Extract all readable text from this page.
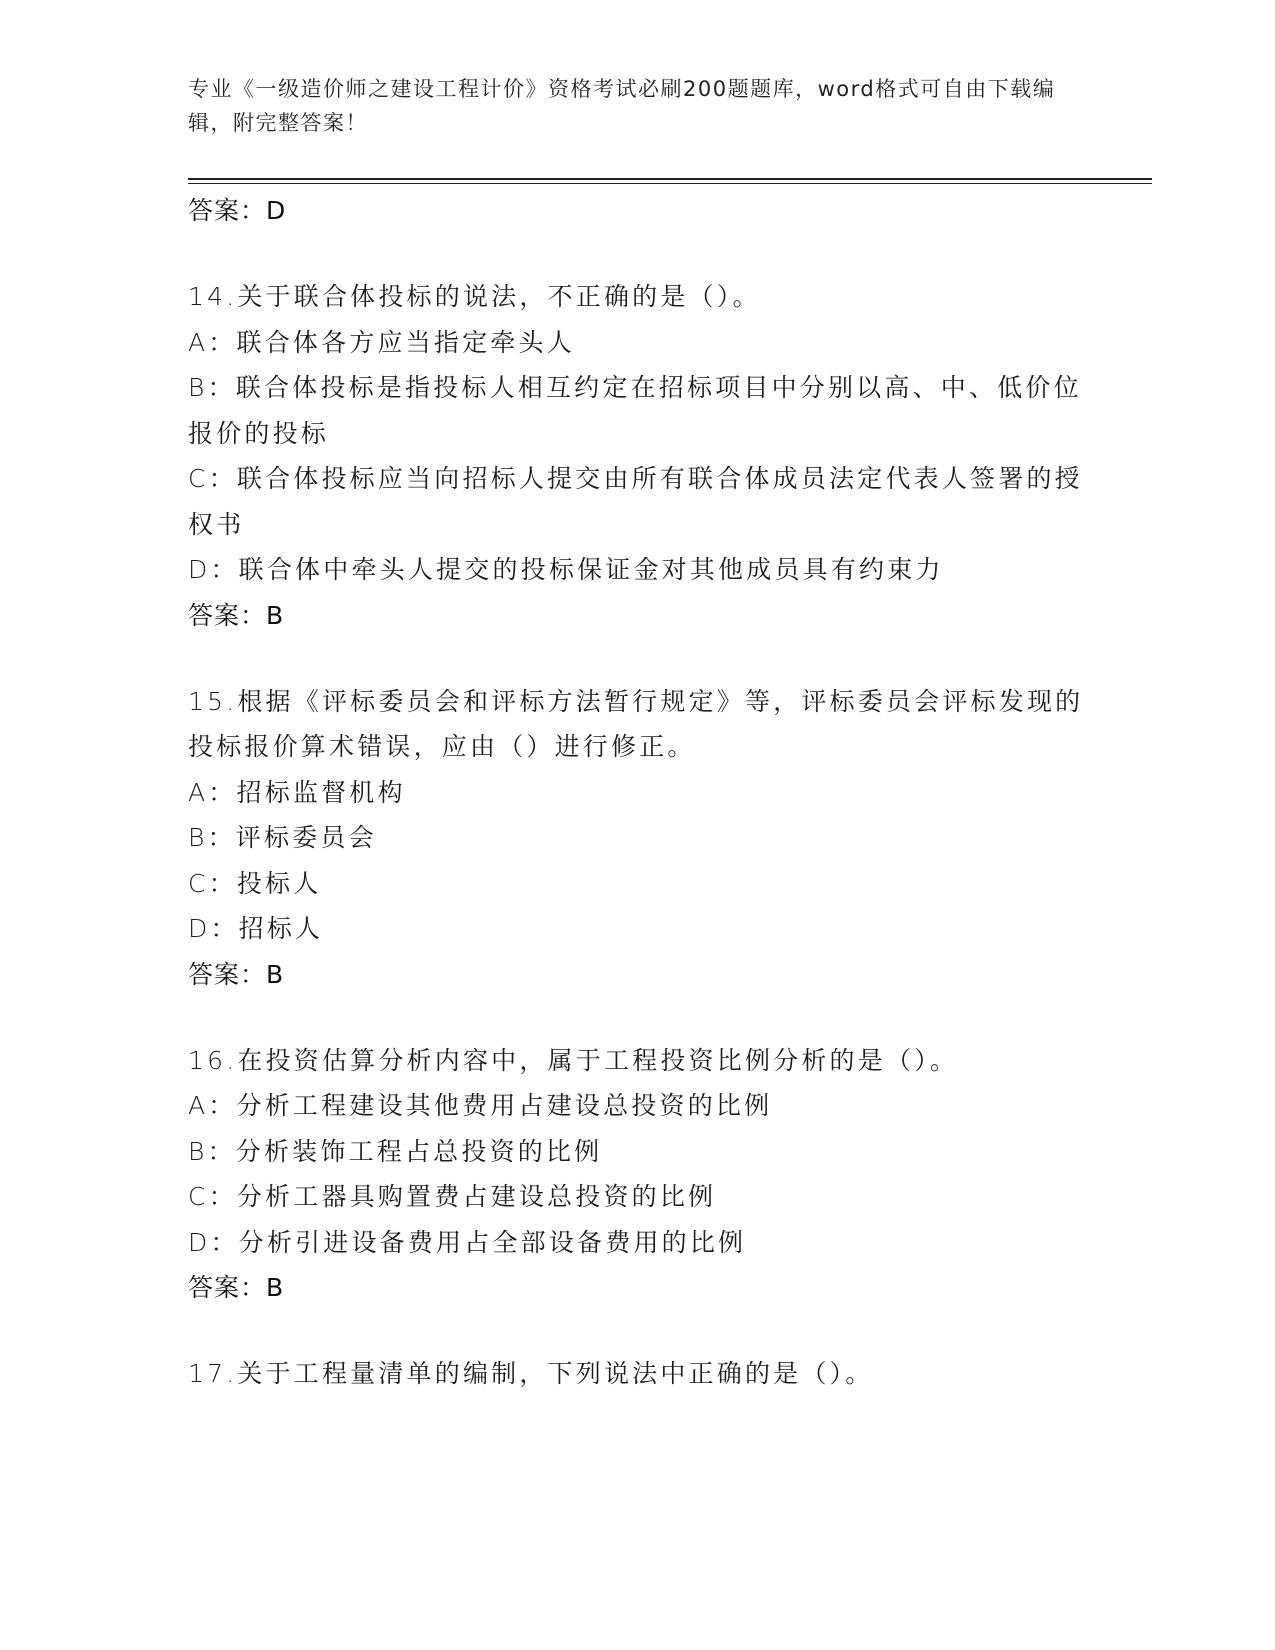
专业《一级造价师之建设工程计价》资格考试必刷200题题库，word格式可自由下载编辑，附完整答案！
答案：D
14.关于联合体投标的说法，不正确的是（）。
A：联合体各方应当指定牵头人
B：联合体投标是指投标人相互约定在招标项目中分别以高、中、低价位报价的投标
C：联合体投标应当向招标人提交由所有联合体成员法定代表人签署的授权书
D：联合体中牵头人提交的投标保证金对其他成员具有约束力
答案：B
15.根据《评标委员会和评标方法暂行规定》等，评标委员会评标发现的投标报价算术错误，应由（）进行修正。
A：招标监督机构
B：评标委员会
C：投标人
D：招标人
答案：B
16.在投资估算分析内容中，属于工程投资比例分析的是（）。
A：分析工程建设其他费用占建设总投资的比例
B：分析装饰工程占总投资的比例
C：分析工器具购置费占建设总投资的比例
D：分析引进设备费用占全部设备费用的比例
答案：B
17.关于工程量清单的编制，下列说法中正确的是（）。
